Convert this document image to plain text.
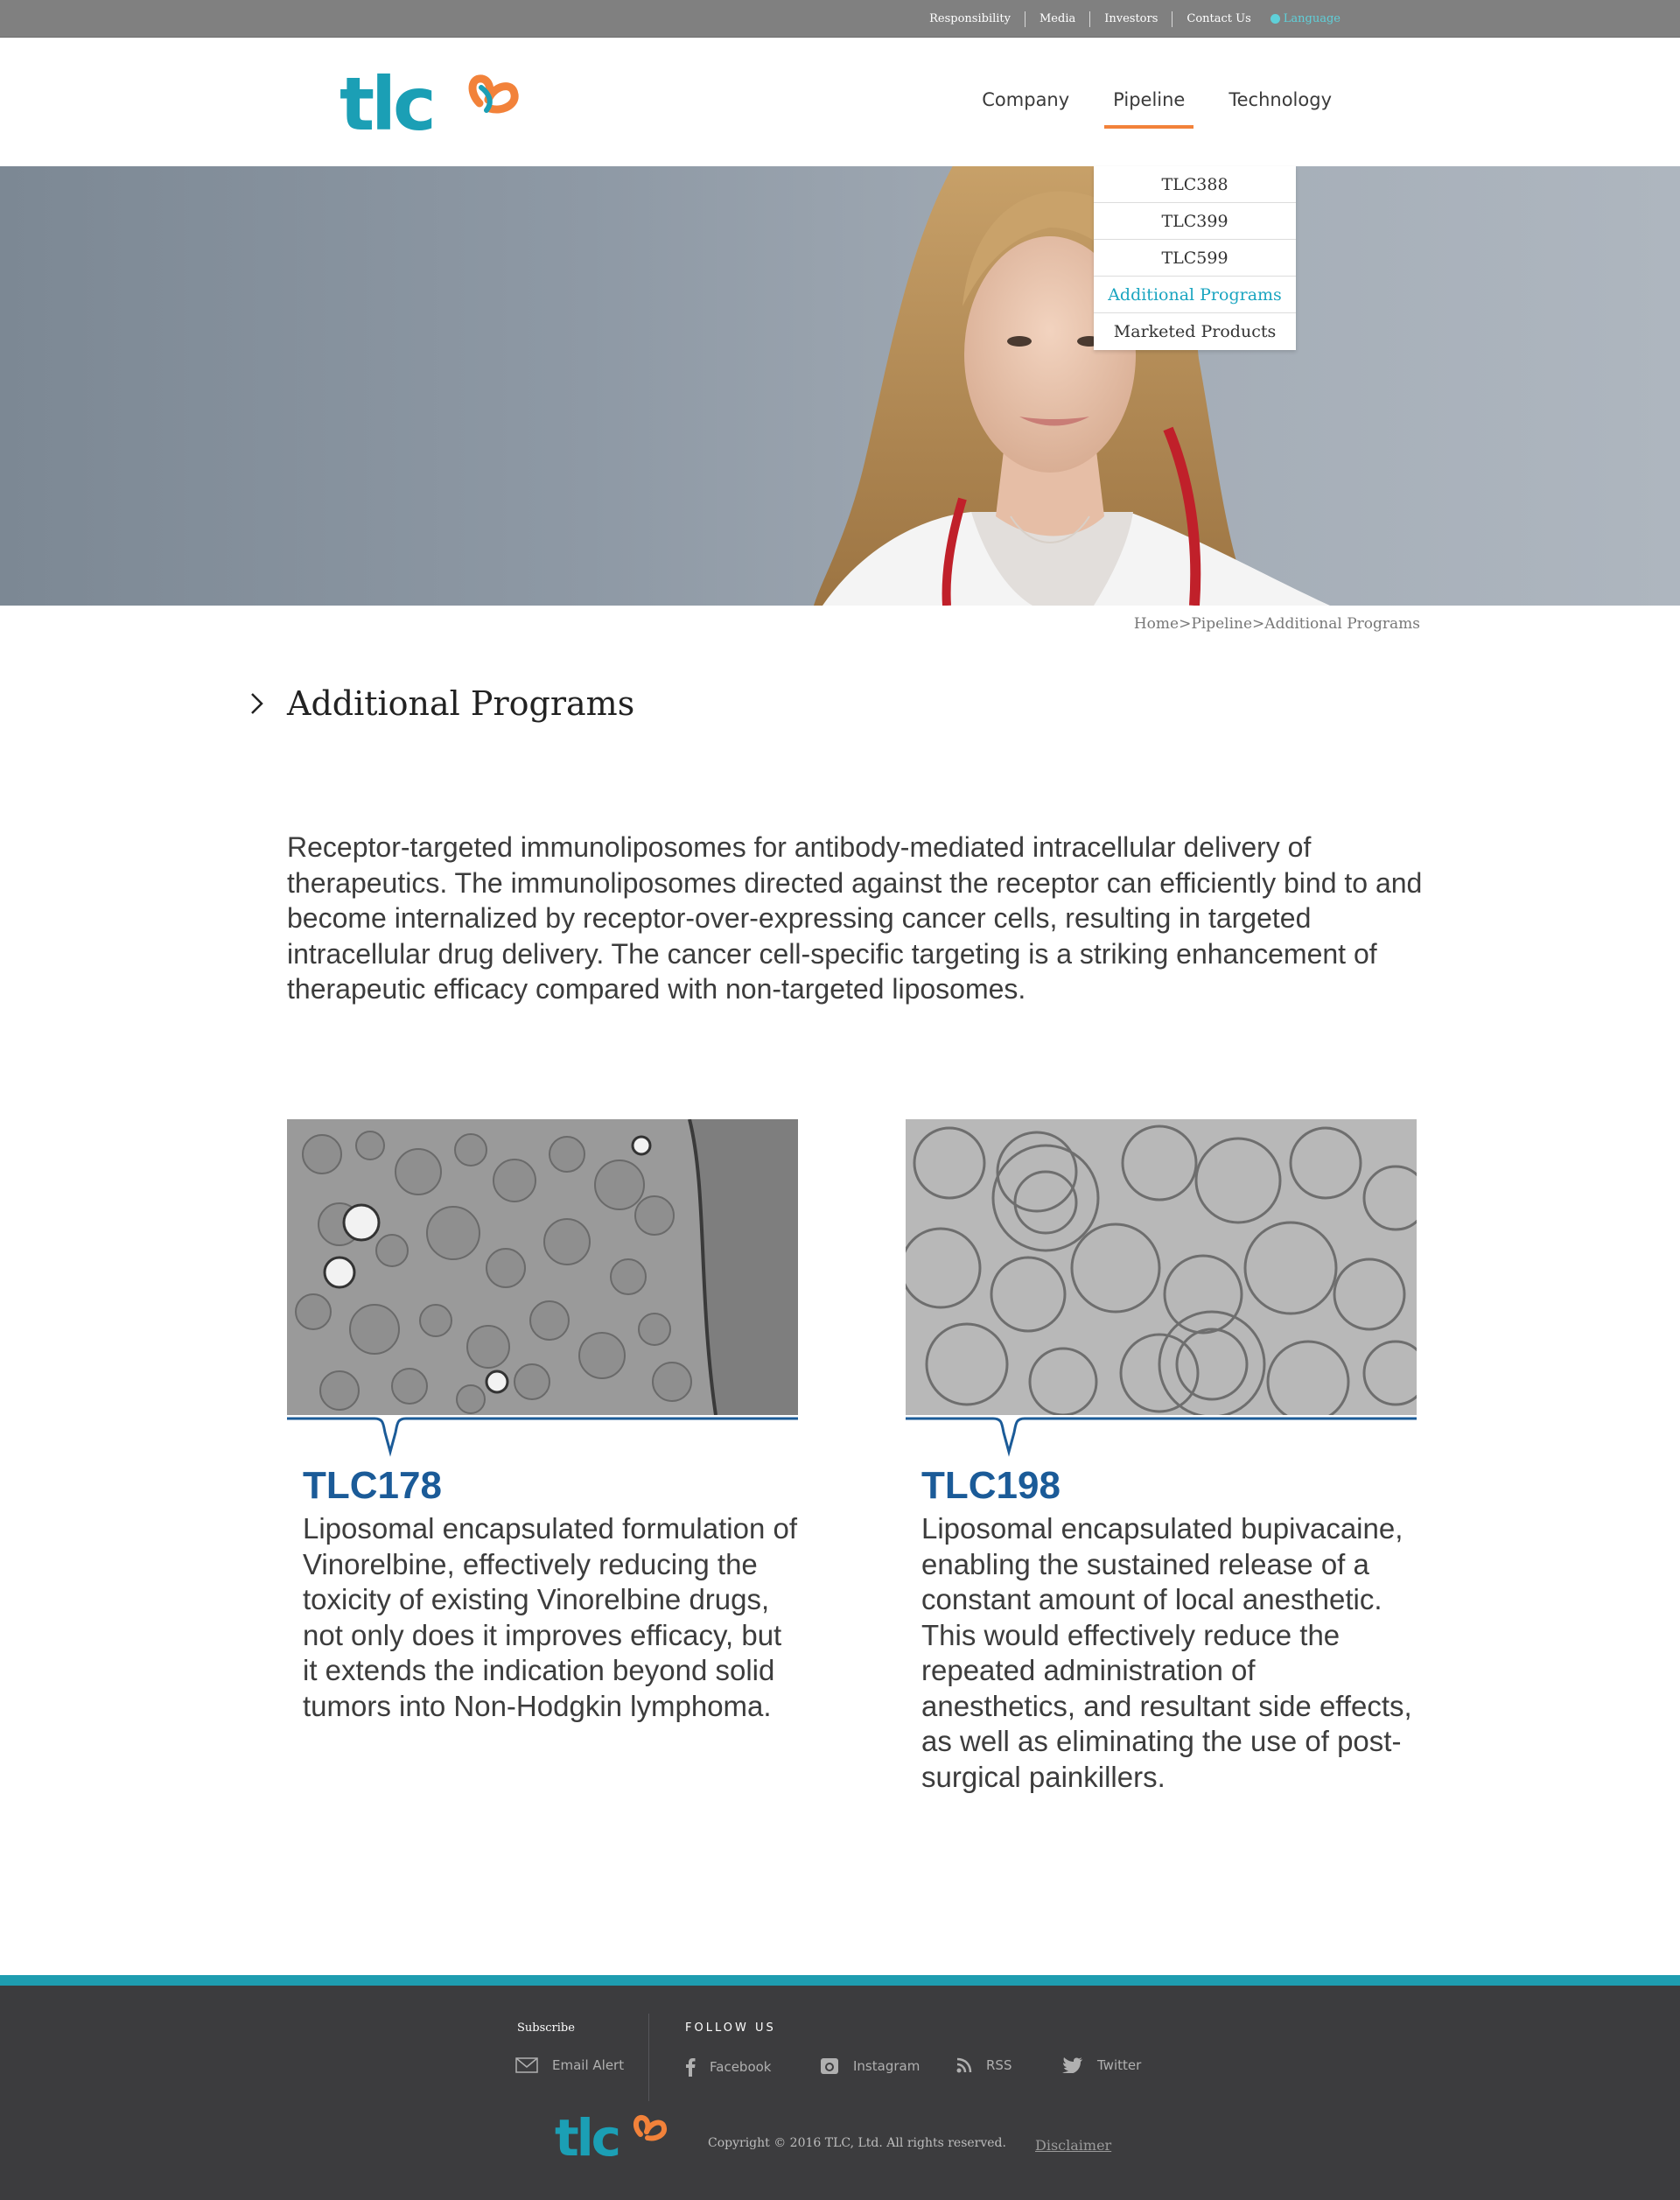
Responsibility	Media	Investors	Contact Us	Language
tlc	Company	Pipeline	Technology
TLC388
TLC399
TLC599
Additional Programs
Marketed Products
Home>Pipeline>Additional Programs
Additional Programs

Receptor-targeted immunoliposomes for antibody-mediated intracellular delivery of therapeutics. The immunoliposomes directed against the receptor can efficiently bind to and become internalized by receptor-over-expressing cancer cells, resulting in targeted intracellular drug delivery. The cancer cell-specific targeting is a striking enhancement of therapeutic efficacy compared with non-targeted liposomes.

TLC178

Liposomal encapsulated formulation of Vinorelbine, effectively reducing the toxicity of existing Vinorelbine drugs, not only does it improves efficacy, but it extends the indication beyond solid tumors into Non-Hodgkin lymphoma.

TLC198

Liposomal encapsulated bupivacaine, enabling the sustained release of a constant amount of local anesthetic. This would effectively reduce the repeated administration of anesthetics, and resultant side effects, as well as eliminating the use of post-surgical painkillers.

Subscribe
Email Alert
FOLLOW US
Facebook	Instagram	RSS	Twitter
tlc	Copyright © 2016 TLC, Ltd. All rights reserved. Disclaimer
